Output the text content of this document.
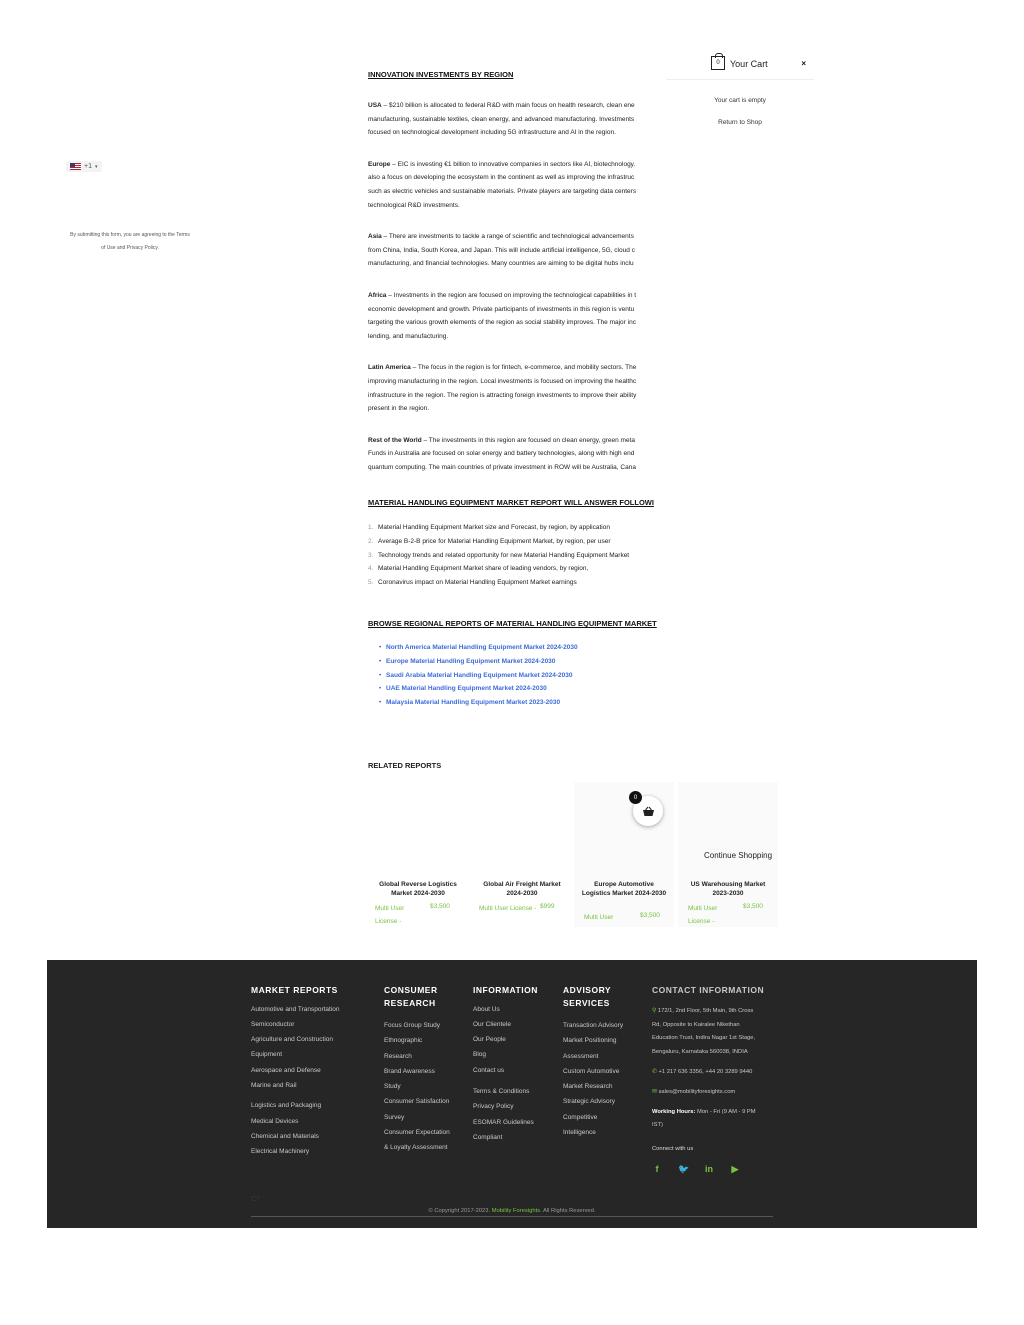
+1 ▾
By submitting this form, you are agreeing to the Terms of Use and Privacy Policy.
INNOVATION INVESTMENTS BY REGION
USA – $210 billion is allocated to federal R&D with main focus on health research, clean ene
manufacturing, sustainable textiles, clean energy, and advanced manufacturing. Investments
focused on technological development including 5G infrastructure and AI in the region.
Europe – EIC is investing €1 billion to innovative companies in sectors like AI, biotechnology.
also a focus on developing the ecosystem in the continent as well as improving the infrastruc
such as electric vehicles and sustainable materials. Private players are targeting data centers
technological R&D investments.
Asia – There are investments to tackle a range of scientific and technological advancements
from China, India, South Korea, and Japan. This will include artificial intelligence, 5G, cloud c
manufacturing, and financial technologies. Many countries are aiming to be digital hubs inclu
Africa – Investments in the region are focused on improving the technological capabilities in t
economic development and growth. Private participants of investments in this region is ventu
targeting the various growth elements of the region as social stability improves. The major inc
lending, and manufacturing.
Latin America – The focus in the region is for fintech, e-commerce, and mobility sectors. The
improving manufacturing in the region. Local investments is focused on improving the healthc
infrastructure in the region. The region is attracting foreign investments to improve their ability
present in the region.
Rest of the World – The investments in this region are focused on clean energy, green meta
Funds in Australia are focused on solar energy and battery technologies, along with high end
quantum computing. The main countries of private investment in ROW will be Australia, Cana
MATERIAL HANDLING EQUIPMENT MARKET REPORT WILL ANSWER FOLLOWI
1. Material Handling Equipment Market size and Forecast, by region, by application
2. Average B-2-B price for Material Handling Equipment Market, by region, per user
3. Technology trends and related opportunity for new Material Handling Equipment Market
4. Material Handling Equipment Market share of leading vendors, by region,
5. Coronavirus impact on Material Handling Equipment Market earnings
BROWSE REGIONAL REPORTS OF MATERIAL HANDLING EQUIPMENT MARKET
• North America Material Handling Equipment Market 2024-2030
• Europe Material Handling Equipment Market 2024-2030
• Saudi Arabia Material Handling Equipment Market 2024-2030
• UAE Material Handling Equipment Market 2024-2030
• Malaysia Material Handling Equipment Market 2023-2030
0 Your Cart	×
Your cart is empty
Return to Shop
RELATED REPORTS
Global Reverse Logistics Market 2024-2030
Multi User License -
$3,500
Global Air Freight Market 2024-2030
Multi User License - $999
Europe Automotive Logistics Market 2024-2030
Multi User	$3,500
US Warehousing Market 2023-2030
Multi User License -
$3,500
0
Continue Shopping
MARKET REPORTS
Automotive and Transportation
Semiconductor
Agriculture and Construction
Equipment
Aerospace and Defense
Marine and Rail
Logistics and Packaging
Medical Devices
Chemical and Materials
Electrical Machinery
CONSUMER
RESEARCH
Focus Group Study
Ethnographic
Research
Brand Awareness
Study
Consumer Satisfaction
Survey
Consumer Expectation
& Loyalty Assessment
INFORMATION
About Us
Our Clientele
Our People
Blog
Contact us
Terms & Conditions
Privacy Policy
ESOMAR Guidelines
Compliant
ADVISORY
SERVICES
Transaction Advisory
Market Positioning
Assessment
Custom Automotive
Market Research
Strategic Advisory
Competitive
Intelligence
CONTACT INFORMATION
⚲ 172/1, 2nd Floor, 5th Main, 9th Cross
Rd, Opposite to Kairalee Nikethan
Education Trust, Indira Nagar 1st Stage,
Bengaluru, Karnataka 560038, INDIA
✆ +1 217 636 3356, +44 20 3289 9440
✉ sales@mobilityforesights.com
Working Hours: Mon - Fri (9 AM - 9 PM
IST)
Connect with us
f	🐦 in ▶
C7
© Copyright 2017-2023. Mobility Foresights. All Rights Reserved.
